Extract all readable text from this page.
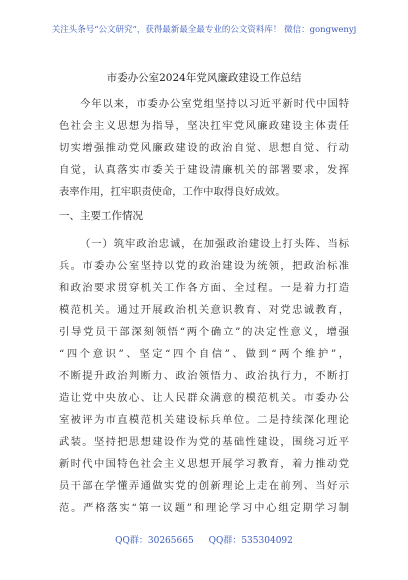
关注头条号“公文研究”，获得最新最全最专业的公文资料库！ 微信：gongwenyj
市委办公室2024年党风廉政建设工作总结
今年以来，市委办公室党组坚持以习近平新时代中国特
色社会主义思想为指导，坚决扛牢党风廉政建设主体责任
切实增强推动党风廉政建设的政治自觉、思想自觉、行动
自觉，认真落实市委关于建设清廉机关的部署要求，发挥
表率作用，扛牢职责使命，工作中取得良好成效。
一、主要工作情况
（一）筑牢政治忠诚，在加强政治建设上打头阵、当标
兵。市委办公室坚持以党的政治建设为统领，把政治标准
和政治要求贯穿机关工作各方面、全过程。一是着力打造
模范机关。通过开展政治机关意识教育、对党忠诚教育，
引导党员干部深刻领悟“两个确立”的决定性意义，增强
“四个意识”、坚定“四个自信”、做到“两个维护”，
不断提升政治判断力、政治领悟力、政治执行力，不断打
造让党中央放心、让人民群众满意的模范机关。市委办公
室被评为市直模范机关建设标兵单位。二是持续深化理论
武装。坚持把思想建设作为党的基础性建设，围绕习近平
新时代中国特色社会主义思想开展学习教育，着力推动党
员干部在学懂弄通做实党的创新理论上走在前列、当好示
范。严格落实“第一议题”和理论学习中心组定期学习制
QQ群：30265665 QQ群：535304092
